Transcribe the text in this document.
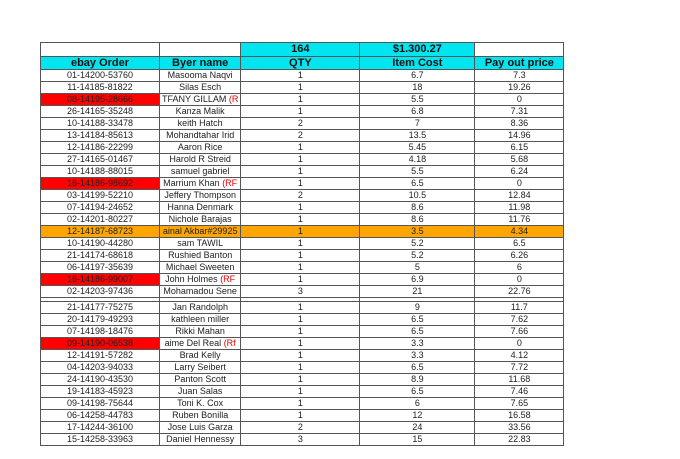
		164	$1.300.27	
ebay Order	Byer name	QTY	Item Cost	Pay out price
01-14200-53760	Masooma Naqvi	1	6.7	7.3
11-14185-81822	Silas Esch	1	18	19.26
08-14195-28666	TFANY GILLAM (R	1	5.5	0
26-14165-35248	Kanza Malik	1	6.8	7.31
10-14188-33478	keith Hatch	2	7	8.36
13-14184-85613	Mohandtahar Irid	2	13.5	14.96
12-14186-22299	Aaron Rice	1	5.45	6.15
27-14165-01467	Harold R Streid	1	4.18	5.68
10-14188-88015	samuel gabriel	1	5.5	6.24
16-14186-98692	Marrium Khan (RF	1	6.5	0
03-14199-52210	Jeffery Thompson	2	10.5	12.84
07-14194-24652	Hanna Denmark	1	8.6	11.98
02-14201-80227	Nichole Barajas	1	8.6	11.76
12-14187-68723	ainal Akbar#29925	1	3.5	4.34
10-14190-44280	sam TAWIL	1	5.2	6.5
21-14174-68618	Rushied Banton	1	5.2	6.26
06-14197-35639	Michael Sweeten	1	5	6
16-14186-99007	John Holmes (RF	1	6.9	0
02-14203-97436	Mohamadou Sene	3	21	22.76

21-14177-75275	Jan Randolph	1	9	11.7
20-14179-49293	kathleen miller	1	6.5	7.62
07-14198-18476	Rikki Mahan	1	6.5	7.66
09-14190-06538	aime Del Real (Rf	1	3.3	0
12-14191-57282	Brad Kelly	1	3.3	4.12
04-14203-94033	Larry Seibert	1	6.5	7.72
24-14190-43530	Panton Scott	1	8.9	11.68
19-14183-45923	Juan Salas	1	6.5	7.46
09-14198-75644	Toni K. Cox	1	6	7.65
06-14258-44783	Ruben Bonilla	1	12	16.58
17-14244-36100	Jose Luis Garza	2	24	33.56
15-14258-33963	Daniel Hennessy	3	15	22.83
